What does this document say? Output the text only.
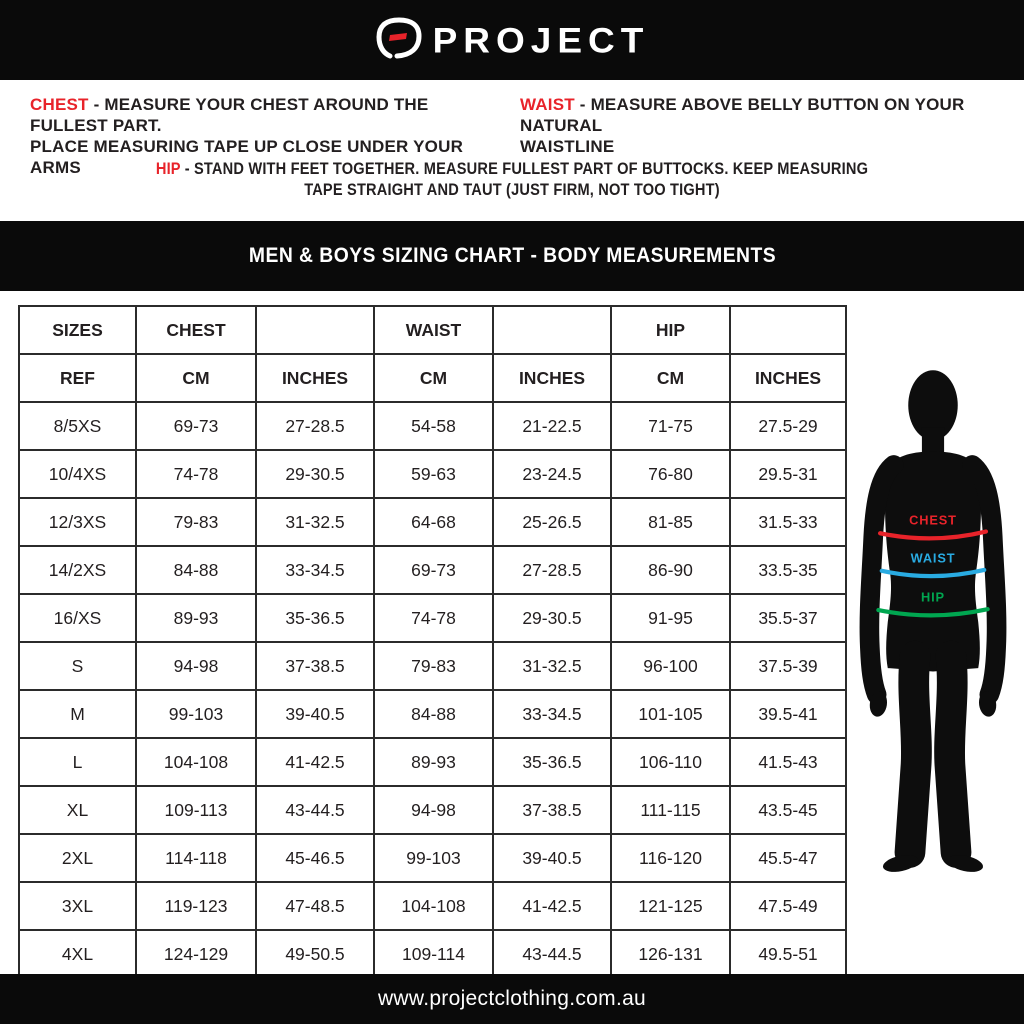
PROJECT
CHEST - MEASURE YOUR CHEST AROUND THE FULLEST PART.
PLACE MEASURING TAPE UP CLOSE UNDER YOUR ARMS
WAIST - MEASURE ABOVE BELLY BUTTON ON YOUR NATURAL
WAISTLINE
HIP - STAND WITH FEET TOGETHER. MEASURE FULLEST PART OF BUTTOCKS. KEEP MEASURING
TAPE STRAIGHT AND TAUT (JUST FIRM, NOT TOO TIGHT)
MEN & BOYS SIZING CHART - BODY MEASUREMENTS
SIZES	CHEST		WAIST		HIP	
REF	CM	INCHES	CM	INCHES	CM	INCHES
8/5XS	69-73	27-28.5	54-58	21-22.5	71-75	27.5-29
10/4XS	74-78	29-30.5	59-63	23-24.5	76-80	29.5-31
12/3XS	79-83	31-32.5	64-68	25-26.5	81-85	31.5-33
14/2XS	84-88	33-34.5	69-73	27-28.5	86-90	33.5-35
16/XS	89-93	35-36.5	74-78	29-30.5	91-95	35.5-37
S	94-98	37-38.5	79-83	31-32.5	96-100	37.5-39
M	99-103	39-40.5	84-88	33-34.5	101-105	39.5-41
L	104-108	41-42.5	89-93	35-36.5	106-110	41.5-43
XL	109-113	43-44.5	94-98	37-38.5	111-115	43.5-45
2XL	114-118	45-46.5	99-103	39-40.5	116-120	45.5-47
3XL	119-123	47-48.5	104-108	41-42.5	121-125	47.5-49
4XL	124-129	49-50.5	109-114	43-44.5	126-131	49.5-51
CHEST
WAIST
HIP
www.projectclothing.com.au
